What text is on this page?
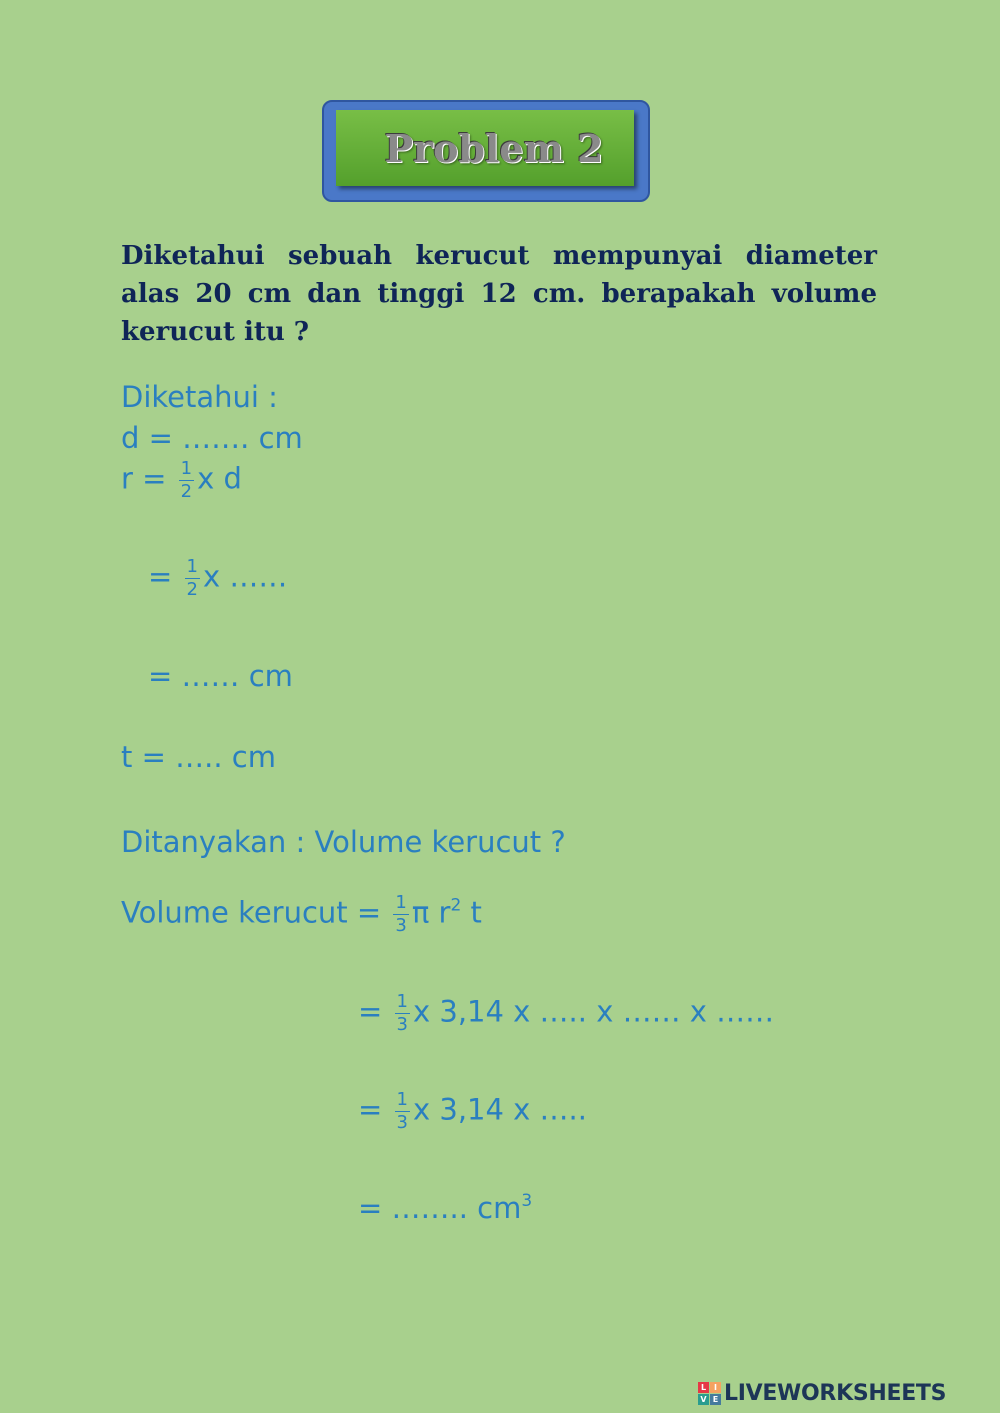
Problem 2
Diketahui sebuah kerucut mempunyai diameter alas 20 cm dan tinggi 12 cm. berapakah volume kerucut itu ?
Diketahui :
d = ……. cm
$r = \frac{1}{2}$ x d
= $\frac{1}{2}$ x ……
= …… cm
t = ….. cm
Ditanyakan : Volume kerucut ?
Volume kerucut = $\frac{1}{3}$ π $r^2$ t
= $\frac{1}{3}$ x 3,14 x ….. x …… x ……
= $\frac{1}{3}$ x 3,14 x …..
= …….. $cm^3$
L I
V E LIVEWORKSHEETS
